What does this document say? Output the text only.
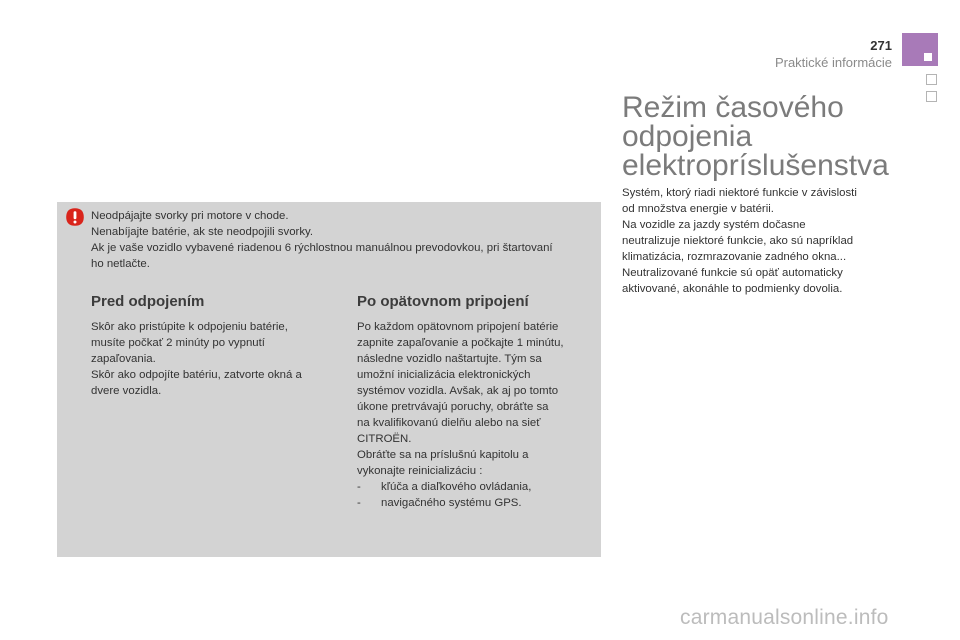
271
Praktické informácie
Režim časového
odpojenia
elektropríslušenstva

Systém, ktorý riadi niektoré funkcie v závislosti

od množstva energie v batérii.

Na vozidle za jazdy systém dočasne

neutralizuje niektoré funkcie, ako sú napríklad

klimatizácia, rozmrazovanie zadného okna...

Neutralizované funkcie sú opäť automaticky

aktivované, akonáhle to podmienky dovolia.

Neodpájajte svorky pri motore v chode.

Nenabíjajte batérie, ak ste neodpojili svorky.

Ak je vaše vozidlo vybavené riadenou 6 rýchlostnou manuálnou prevodovkou, pri štartovaní

ho netlačte.

Pred odpojením

Skôr ako pristúpite k odpojeniu batérie,

musíte počkať 2 minúty po vypnutí

zapaľovania.

Skôr ako odpojíte batériu, zatvorte okná a

dvere vozidla.

Po opätovnom pripojení

Po každom opätovnom pripojení batérie

zapnite zapaľovanie a počkajte 1 minútu,

následne vozidlo naštartujte. Tým sa

umožní inicializácia elektronických

systémov vozidla. Avšak, ak aj po tomto

úkone pretrvávajú poruchy, obráťte sa

na kvalifikovanú dielňu alebo na sieť

CITROËN.

Obráťte sa na príslušnú kapitolu a

vykonajte reinicializáciu :

- kľúča a diaľkového ovládania,
- navigačného systému GPS.
carmanualsonline.info
